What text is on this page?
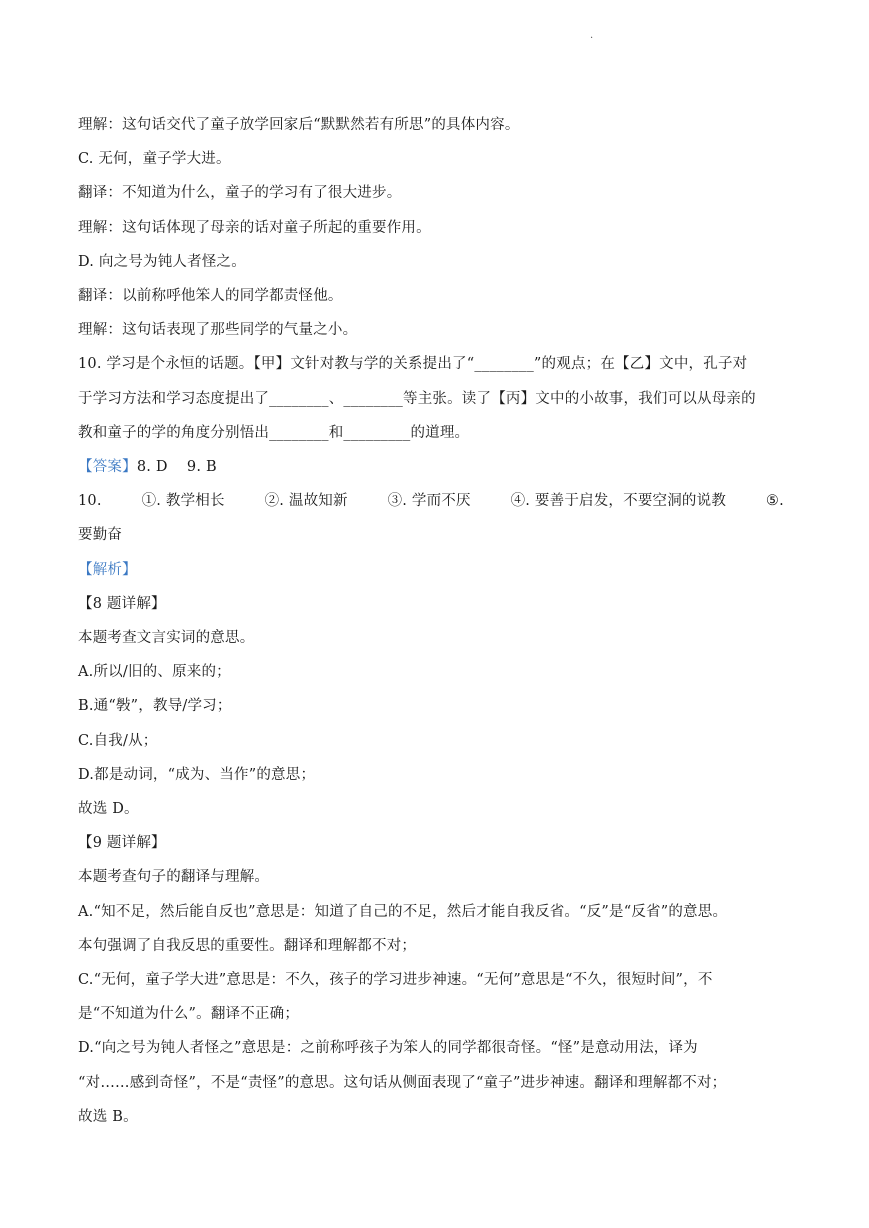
.
理解：这句话交代了童子放学回家后“默默然若有所思”的具体内容。
C. 无何，童子学大进。
翻译：不知道为什么，童子的学习有了很大进步。
理解：这句话体现了母亲的话对童子所起的重要作用。
D. 向之号为钝人者怪之。
翻译：以前称呼他笨人的同学都责怪他。
理解：这句话表现了那些同学的气量之小。
10. 学习是个永恒的话题。【甲】文针对教与学的关系提出了“________”的观点；在【乙】文中，孔子对
于学习方法和学习态度提出了________、________等主张。读了【丙】文中的小故事，我们可以从母亲的
教和童子的学的角度分别悟出________和_________的道理。
【答案】8. D    9. B
10.	①. 教学相长	②. 温故知新	③. 学而不厌	④. 要善于启发，不要空洞的说教	⑤.
要勤奋
【解析】
【8 题详解】
本题考查文言实词的意思。
A.所以/旧的、原来的；
B.通“斅”，教导/学习；
C.自我/从；
D.都是动词，“成为、当作”的意思；
故选 D。
【9 题详解】
本题考查句子的翻译与理解。
A.“知不足，然后能自反也”意思是：知道了自己的不足，然后才能自我反省。“反”是“反省”的意思。
本句强调了自我反思的重要性。翻译和理解都不对；
C.“无何，童子学大进”意思是：不久，孩子的学习进步神速。“无何”意思是“不久，很短时间”，不
是“不知道为什么”。翻译不正确；
D.“向之号为钝人者怪之”意思是：之前称呼孩子为笨人的同学都很奇怪。“怪”是意动用法，译为
“对……感到奇怪”，不是“责怪”的意思。这句话从侧面表现了“童子”进步神速。翻译和理解都不对；
故选 B。
